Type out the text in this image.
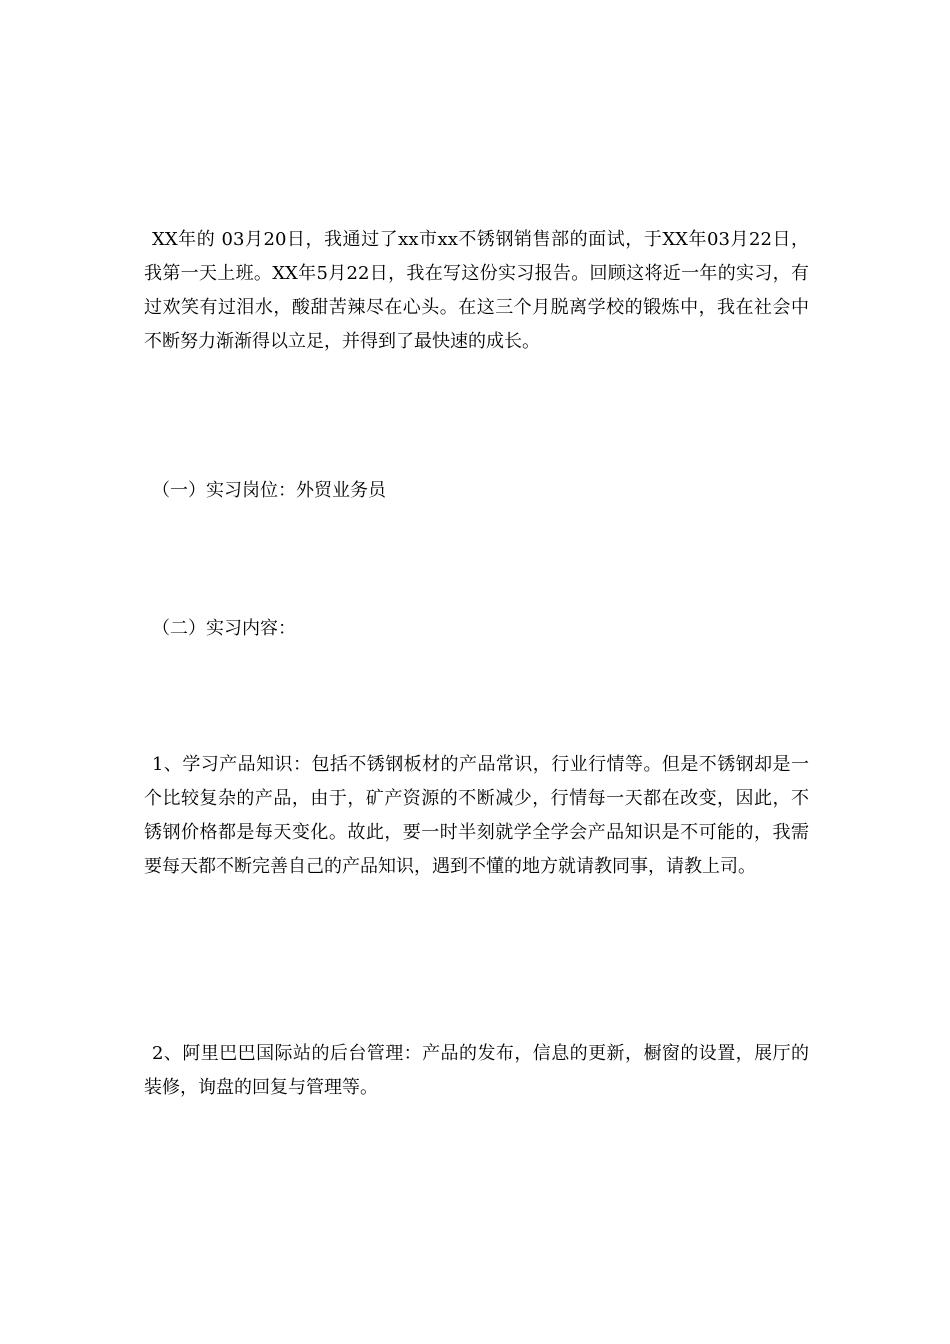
XX年的 03月20日，我通过了xx市xx不锈钢销售部的面试，于XX年03月22日，我第一天上班。XX年5月22日，我在写这份实习报告。回顾这将近一年的实习，有过欢笑有过泪水，酸甜苦辣尽在心头。在这三个月脱离学校的锻炼中，我在社会中不断努力渐渐得以立足，并得到了最快速的成长。

（一）实习岗位：外贸业务员

（二）实习内容：

1、学习产品知识：包括不锈钢板材的产品常识，行业行情等。但是不锈钢却是一个比较复杂的产品，由于，矿产资源的不断减少，行情每一天都在改变，因此，不锈钢价格都是每天变化。故此，要一时半刻就学全学会产品知识是不可能的，我需要每天都不断完善自己的产品知识，遇到不懂的地方就请教同事，请教上司。

2、阿里巴巴国际站的后台管理：产品的发布，信息的更新，橱窗的设置，展厅的装修，询盘的回复与管理等。
